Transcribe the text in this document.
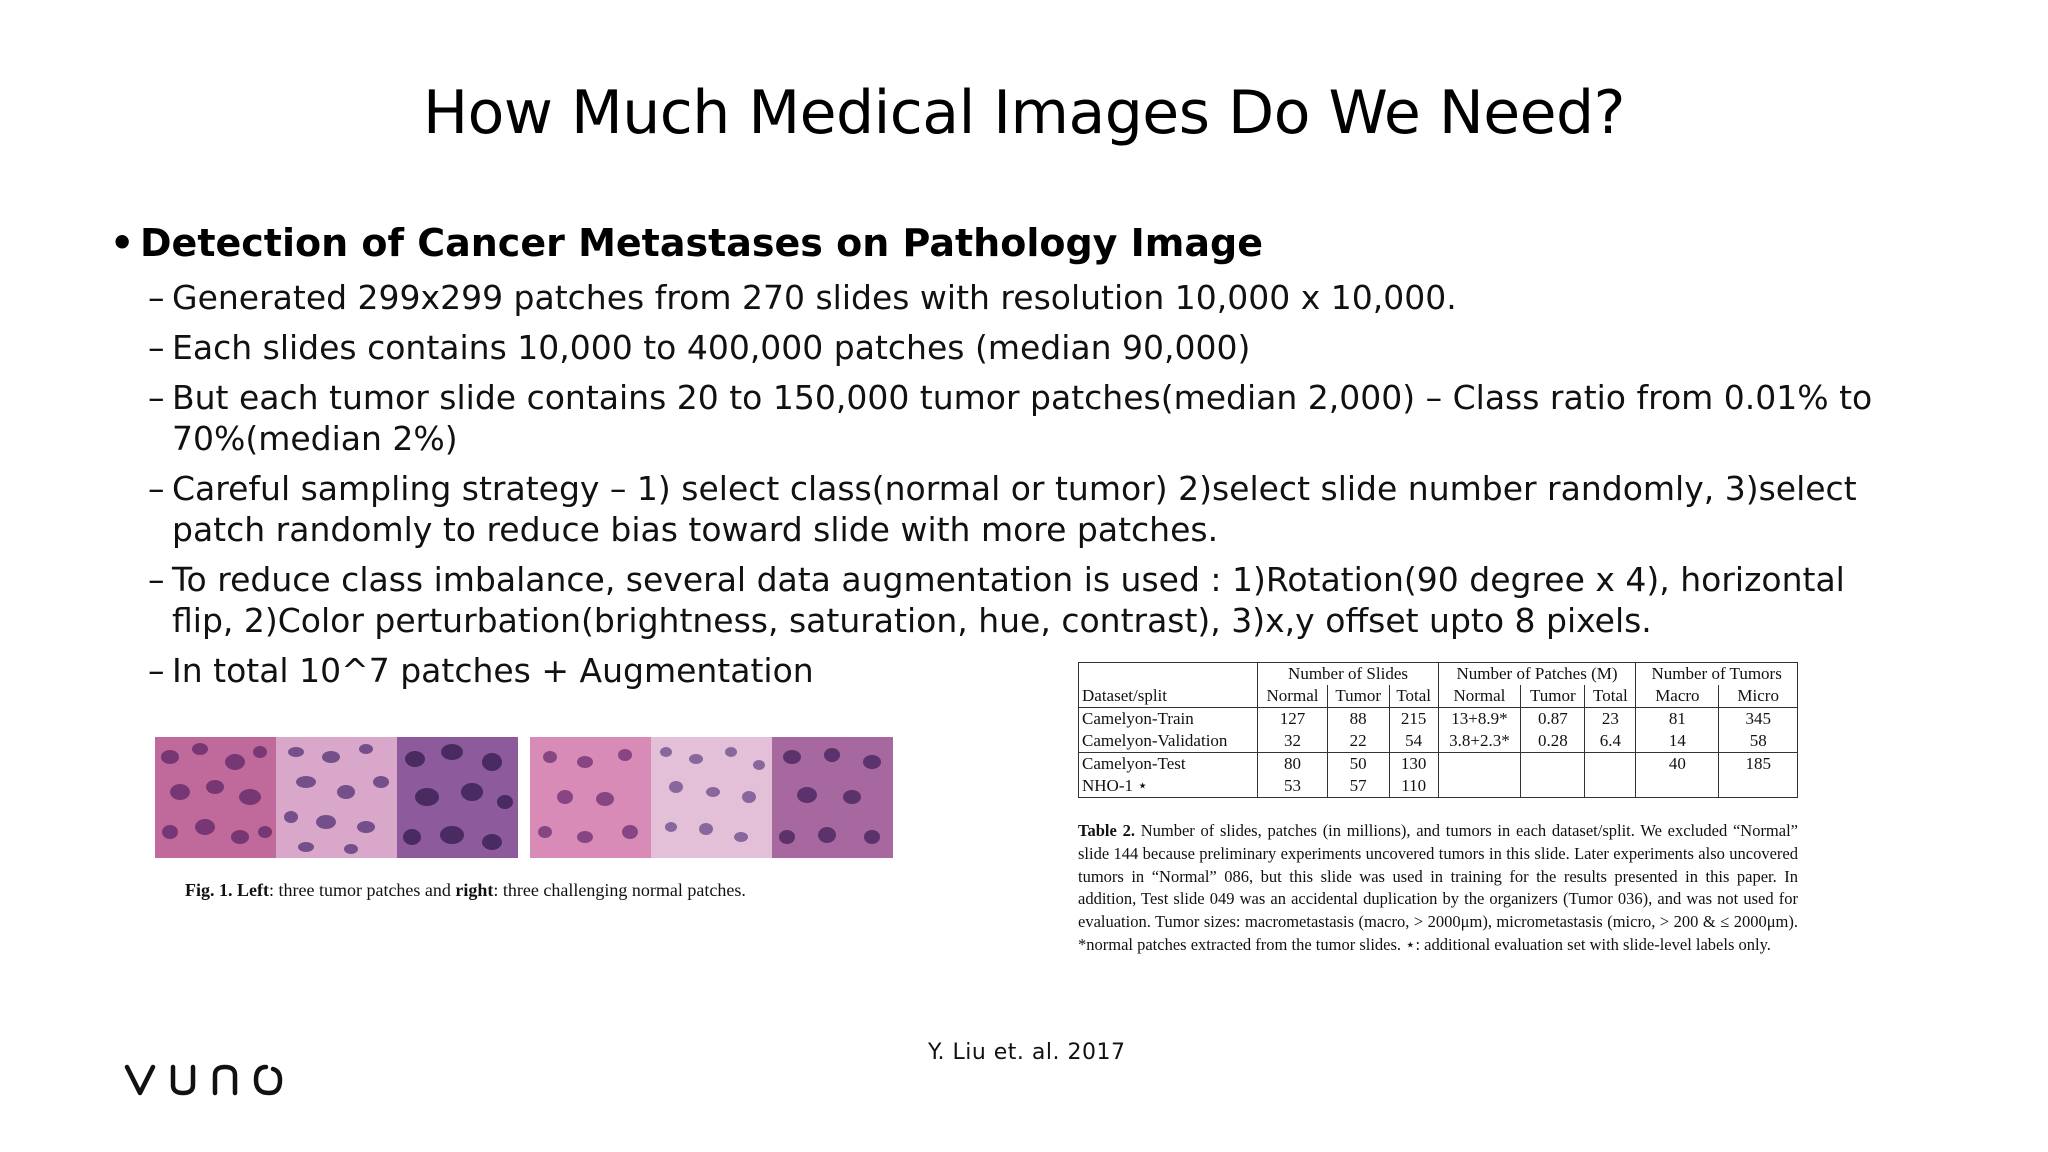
How Much Medical Images Do We Need?
• Detection of Cancer Metastases on Pathology Image
– Generated 299x299 patches from 270 slides with resolution 10,000 x 10,000.
– Each slides contains 10,000 to 400,000 patches (median 90,000)
– But each tumor slide contains 20 to 150,000 tumor patches(median 2,000) – Class ratio from 0.01% to 70%(median 2%)
– Careful sampling strategy – 1) select class(normal or tumor) 2)select slide number randomly, 3)select patch randomly to reduce bias toward slide with more patches.
– To reduce class imbalance, several data augmentation is used : 1)Rotation(90 degree x 4), horizontal flip, 2)Color perturbation(brightness, saturation, hue, contrast), 3)x,y offset upto 8 pixels.
– In total 10^7 patches + Augmentation
Fig. 1. Left: three tumor patches and right: three challenging normal patches.
	Number of Slides			Number of Patches (M)			Number of Tumors	
Dataset/split	Normal	Tumor	Total	Normal	Tumor	Total	Macro	Micro
Camelyon-Train	127	88	215	13+8.9*	0.87	23	81	345
Camelyon-Validation	32	22	54	3.8+2.3*	0.28	6.4	14	58
Camelyon-Test	80	50	130				40	185
NHO-1 ⋆	53	57	110					
Table 2. Number of slides, patches (in millions), and tumors in each dataset/split. We excluded “Normal” slide 144 because preliminary experiments uncovered tumors in this slide. Later experiments also uncovered tumors in “Normal” 086, but this slide was used in training for the results presented in this paper. In addition, Test slide 049 was an accidental duplication by the organizers (Tumor 036), and was not used for evaluation. Tumor sizes: macrometastasis (macro, > 2000μm), micrometastasis (micro, > 200 & ≤ 2000μm). *normal patches extracted from the tumor slides. ⋆: additional evaluation set with slide-level labels only.
Y. Liu et. al. 2017
